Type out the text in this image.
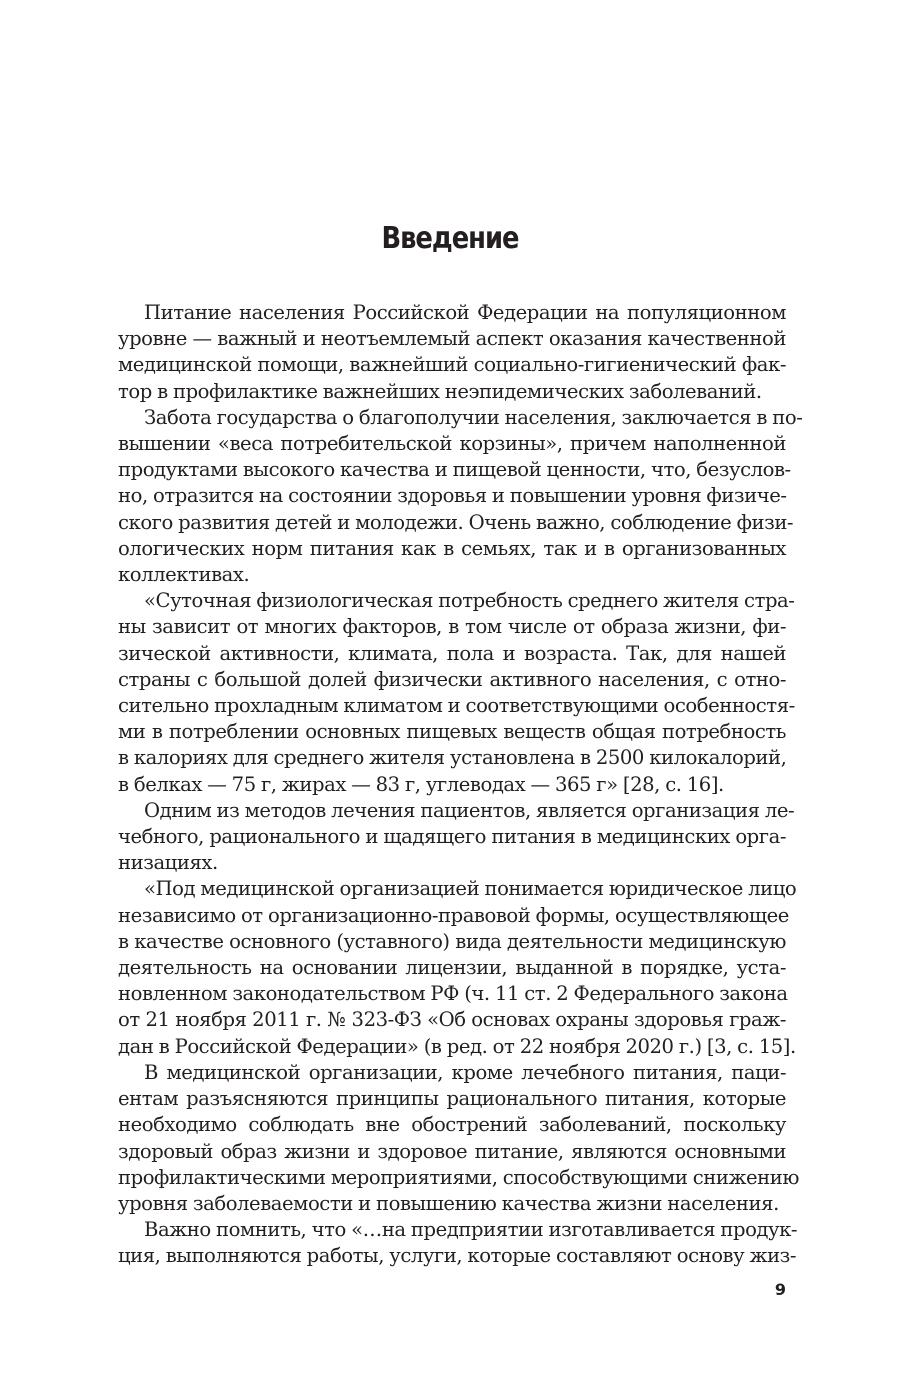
Введение

Питание населения Российской Федерации на популяционном
уровне — важный и неотъемлемый аспект оказания качественной
медицинской помощи, важнейший социально-гигиенический фак-
тор в профилактике важнейших неэпидемических заболеваний.

Забота государства о благополучии населения, заключается в по-
вышении «веса потребительской корзины», причем наполненной
продуктами высокого качества и пищевой ценности, что, безуслов-
но, отразится на состоянии здоровья и повышении уровня физиче-
ского развития детей и молодежи. Очень важно, соблюдение физи-
ологических норм питания как в семьях, так и в организованных
коллективах.

«Суточная физиологическая потребность среднего жителя стра-
ны зависит от многих факторов, в том числе от образа жизни, фи-
зической активности, климата, пола и возраста. Так, для нашей
страны с большой долей физически активного населения, с отно-
сительно прохладным климатом и соответствующими особенностя-
ми в потреблении основных пищевых веществ общая потребность
в калориях для среднего жителя установлена в 2500 килокалорий,
в белках — 75 г, жирах — 83 г, углеводах — 365 г» [28, с. 16].

Одним из методов лечения пациентов, является организация ле-
чебного, рационального и щадящего питания в медицинских орга-
низациях.

«Под медицинской организацией понимается юридическое лицо
независимо от организационно-правовой формы, осуществляющее
в качестве основного (уставного) вида деятельности медицинскую
деятельность на основании лицензии, выданной в порядке, уста-
новленном законодательством РФ (ч. 11 ст. 2 Федерального закона
от 21 ноября 2011 г. № 323-ФЗ «Об основах охраны здоровья граж-
дан в Российской Федерации» (в ред. от 22 ноября 2020 г.) [3, с. 15].

В медицинской организации, кроме лечебного питания, паци-
ентам разъясняются принципы рационального питания, которые
необходимо соблюдать вне обострений заболеваний, поскольку
здоровый образ жизни и здоровое питание, являются основными
профилактическими мероприятиями, способствующими снижению
уровня заболеваемости и повышению качества жизни населения.

Важно помнить, что «…на предприятии изготавливается продук-
ция, выполняются работы, услуги, которые составляют основу жиз-

9
